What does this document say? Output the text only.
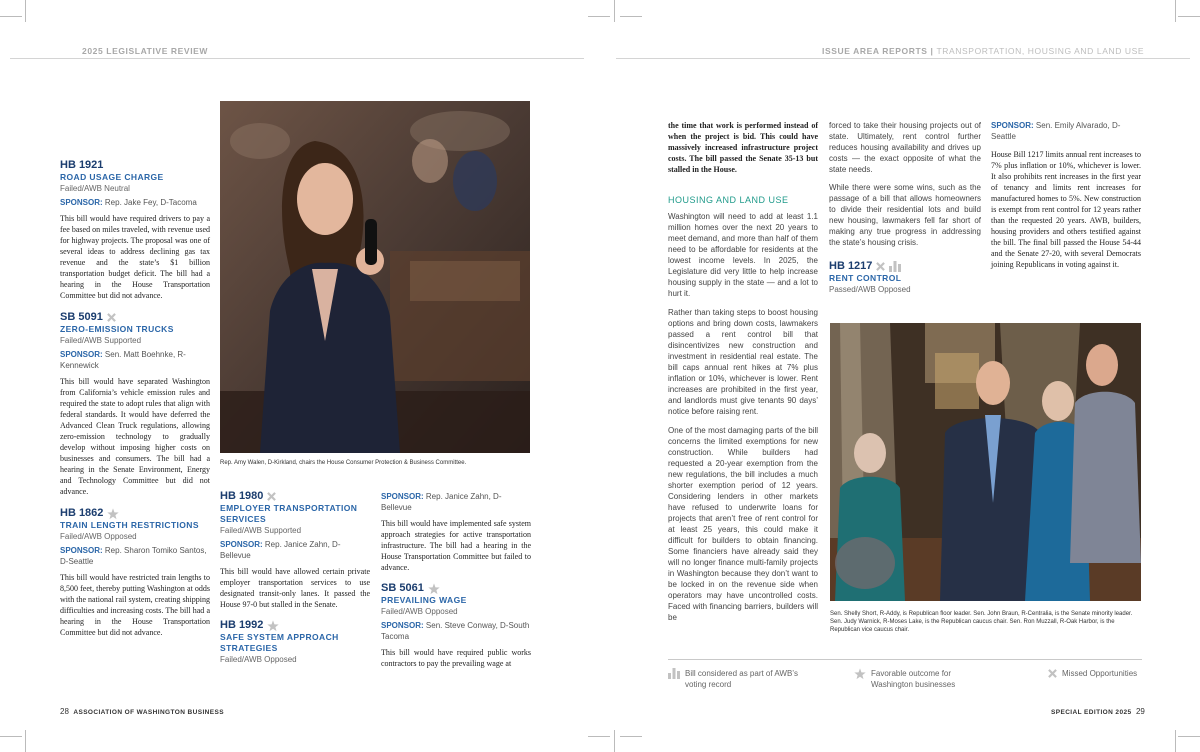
2025 LEGISLATIVE REVIEW	ISSUE AREA REPORTS | TRANSPORTATION, HOUSING AND LAND USE
HB 1921
ROAD USAGE CHARGE
Failed/AWB Neutral
SPONSOR: Rep. Jake Fey, D-Tacoma

This bill would have required drivers to pay a fee based on miles traveled, with revenue used for highway projects. The proposal was one of several ideas to address declining gas tax revenue and the state’s $1 billion transportation budget deficit. The bill had a hearing in the House Transportation Committee but did not advance.

SB 5091
ZERO-EMISSION TRUCKS
Failed/AWB Supported
SPONSOR: Sen. Matt Boehnke, R-Kennewick

This bill would have separated Washington from California’s vehicle emission rules and required the state to adopt rules that align with federal standards. It would have deferred the Advanced Clean Truck regulations, allowing zero-emission technology to gradually develop without imposing higher costs on businesses and consumers. The bill had a hearing in the Senate Environment, Energy and Technology Committee but did not advance.

HB 1862
TRAIN LENGTH RESTRICTIONS
Failed/AWB Opposed
SPONSOR: Rep. Sharon Tomiko Santos, D-Seattle

This bill would have restricted train lengths to 8,500 feet, thereby putting Washington at odds with the national rail system, creating shipping difficulties and increasing costs. The bill had a hearing in the House Transportation Committee but did not advance.

Rep. Amy Walen, D-Kirkland, chairs the House Consumer Protection & Business Committee.
HB 1980
EMPLOYER TRANSPORTATION SERVICES
Failed/AWB Supported
SPONSOR: Rep. Janice Zahn, D-Bellevue

This bill would have allowed certain private employer transportation services to use designated transit-only lanes. It passed the House 97-0 but stalled in the Senate.

HB 1992
SAFE SYSTEM APPROACH STRATEGIES
Failed/AWB Opposed
SPONSOR: Rep. Janice Zahn, D-Bellevue

This bill would have implemented safe system approach strategies for active transportation infrastructure. The bill had a hearing in the House Transportation Committee but failed to advance.

SB 5061
PREVAILING WAGE
Failed/AWB Opposed
SPONSOR: Sen. Steve Conway, D-South Tacoma

This bill would have required public works contractors to pay the prevailing wage at

the time that work is performed instead of when the project is bid. This could have massively increased infrastructure project costs. The bill passed the Senate 35-13 but stalled in the House.

HOUSING AND LAND USE

Washington will need to add at least 1.1 million homes over the next 20 years to meet demand, and more than half of them need to be affordable for residents at the lowest income levels. In 2025, the Legislature did very little to help increase housing supply in the state — and a lot to hurt it.

Rather than taking steps to boost housing options and bring down costs, lawmakers passed a rent control bill that disincentivizes new construction and investment in residential real estate. The bill caps annual rent hikes at 7% plus inflation or 10%, whichever is lower. Rent increases are prohibited in the first year, and landlords must give tenants 90 days’ notice before raising rent.

One of the most damaging parts of the bill concerns the limited exemptions for new construction. While builders had requested a 20-year exemption from the new regulations, the bill includes a much shorter exemption period of 12 years. Considering lenders in other markets have refused to underwrite loans for projects that aren’t free of rent control for at least 25 years, this could make it difficult for builders to obtain financing. Some financiers have already said they will no longer finance multi-family projects in Washington because they don’t want to be locked in on the revenue side when operators may have uncontrolled costs. Faced with financing barriers, builders will be

forced to take their housing projects out of state. Ultimately, rent control further reduces housing availability and drives up costs — the exact opposite of what the state needs.

While there were some wins, such as the passage of a bill that allows homeowners to divide their residential lots and build new housing, lawmakers fell far short of making any true progress in addressing the state’s housing crisis.

HB 1217
RENT CONTROL
Passed/AWB Opposed
SPONSOR: Sen. Emily Alvarado, D-Seattle

House Bill 1217 limits annual rent increases to 7% plus inflation or 10%, whichever is lower. It also prohibits rent increases in the first year of tenancy and limits rent increases for manufactured homes to 5%. New construction is exempt from rent control for 12 years rather than the requested 20 years. AWB, builders, housing providers and others testified against the bill. The final bill passed the House 54-44 and the Senate 27-20, with several Democrats joining Republicans in voting against it.

Sen. Shelly Short, R-Addy, is Republican floor leader. Sen. John Braun, R-Centralia, is the Senate minority leader. Sen. Judy Warnick, R-Moses Lake, is the Republican caucus chair. Sen. Ron Muzzall, R-Oak Harbor, is the Republican vice caucus chair.
Bill considered as part of AWB’s voting record
Favorable outcome for Washington businesses
Missed Opportunities
28 ASSOCIATION OF WASHINGTON BUSINESS	SPECIAL EDITION 2025 29
